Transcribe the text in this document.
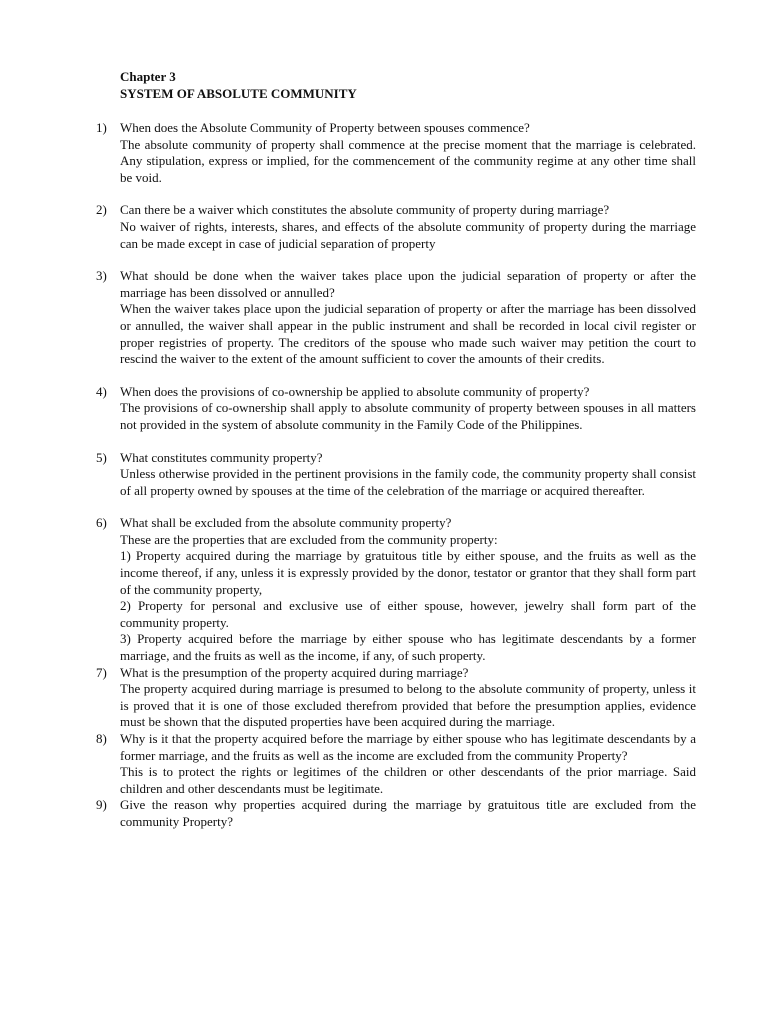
Chapter 3
SYSTEM OF ABSOLUTE COMMUNITY
1)	When does the Absolute Community of Property between spouses commence?
The absolute community of property shall commence at the precise moment that the marriage is celebrated. Any stipulation, express or implied, for the commencement of the community regime at any other time shall be void.
2)	Can there be a waiver which constitutes the absolute community of property during marriage?
No waiver of rights, interests, shares, and effects of the absolute community of property during the marriage can be made except in case of judicial separation of property
3)	What should be done when the waiver takes place upon the judicial separation of property or after the marriage has been dissolved or annulled?
When the waiver takes place upon the judicial separation of property or after the marriage has been dissolved or annulled, the waiver shall appear in the public instrument and shall be recorded in local civil register or proper registries of property. The creditors of the spouse who made such waiver may petition the court to rescind the waiver to the extent of the amount sufficient to cover the amounts of their credits.
4)	When does the provisions of co-ownership be applied to absolute community of property?
The provisions of co-ownership shall apply to absolute community of property between spouses in all matters not provided in the system of absolute community in the Family Code of the Philippines.
5)	What constitutes community property?
Unless otherwise provided in the pertinent provisions in the family code, the community property shall consist of all property owned by spouses at the time of the celebration of the marriage or acquired thereafter.
6)	What shall be excluded from the absolute community property?
These are the properties that are excluded from the community property:
1) Property acquired during the marriage by gratuitous title by either spouse, and the fruits as well as the income thereof, if any, unless it is expressly provided by the donor, testator or grantor that they shall form part of the community property,
2) Property for personal and exclusive use of either spouse, however, jewelry shall form part of the community property.
3) Property acquired before the marriage by either spouse who has legitimate descendants by a former marriage, and the fruits as well as the income, if any, of such property.
7)	What is the presumption of the property acquired during marriage?
The property acquired during marriage is presumed to belong to the absolute community of property, unless it is proved that it is one of those excluded therefrom provided that before the presumption applies, evidence must be shown that the disputed properties have been acquired during the marriage.
8)	Why is it that the property acquired before the marriage by either spouse who has legitimate descendants by a former marriage, and the fruits as well as the income are excluded from the community Property?
This is to protect the rights or legitimes of the children or other descendants of the prior marriage. Said children and other descendants must be legitimate.
9)	Give the reason why properties acquired during the marriage by gratuitous title are excluded from the community Property?
